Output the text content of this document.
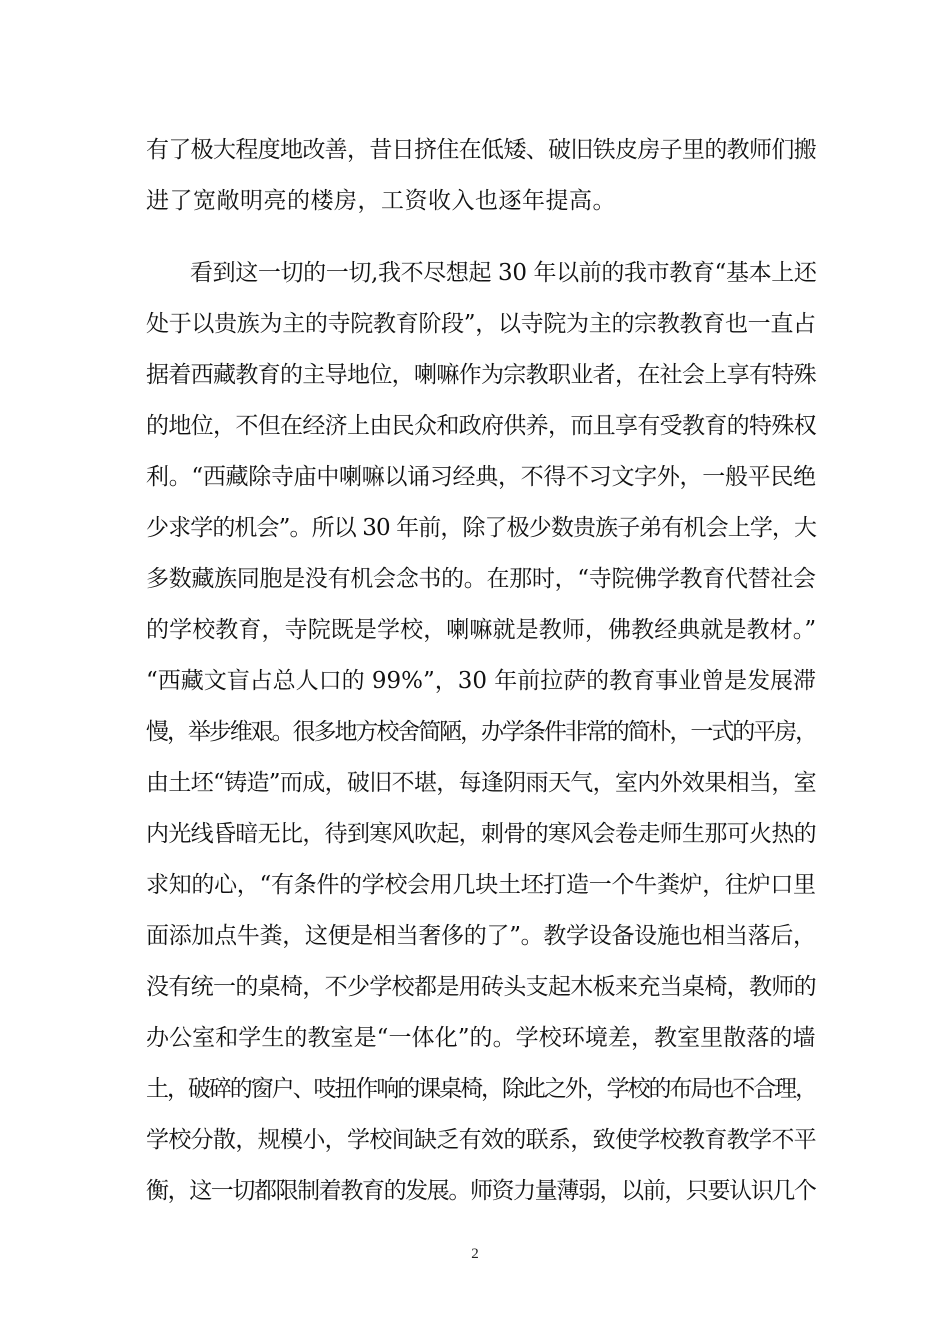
有了极大程度地改善，昔日挤住在低矮、破旧铁皮房子里的教师们搬
进了宽敞明亮的楼房，工资收入也逐年提高。
看到这一切的一切,我不尽想起 30 年以前的我市教育“基本上还
处于以贵族为主的寺院教育阶段”，以寺院为主的宗教教育也一直占
据着西藏教育的主导地位，喇嘛作为宗教职业者，在社会上享有特殊
的地位，不但在经济上由民众和政府供养，而且享有受教育的特殊权
利。“西藏除寺庙中喇嘛以诵习经典，不得不习文字外，一般平民绝
少求学的机会”。所以 30 年前，除了极少数贵族子弟有机会上学，大
多数藏族同胞是没有机会念书的。在那时，“寺院佛学教育代替社会
的学校教育，寺院既是学校，喇嘛就是教师，佛教经典就是教材。”
“西藏文盲占总人口的 99%”，30 年前拉萨的教育事业曾是发展滞
慢，举步维艰。很多地方校舍简陋，办学条件非常的简朴，一式的平房，
由土坯“铸造”而成，破旧不堪，每逢阴雨天气，室内外效果相当，室
内光线昏暗无比，待到寒风吹起，刺骨的寒风会卷走师生那可火热的
求知的心，“有条件的学校会用几块土坯打造一个牛粪炉，往炉口里
面添加点牛粪，这便是相当奢侈的了”。教学设备设施也相当落后，
没有统一的桌椅，不少学校都是用砖头支起木板来充当桌椅，教师的
办公室和学生的教室是“一体化”的。学校环境差，教室里散落的墙
土，破碎的窗户、吱扭作响的课桌椅，除此之外，学校的布局也不合理，
学校分散，规模小，学校间缺乏有效的联系，致使学校教育教学不平
衡，这一切都限制着教育的发展。师资力量薄弱，以前，只要认识几个
2
